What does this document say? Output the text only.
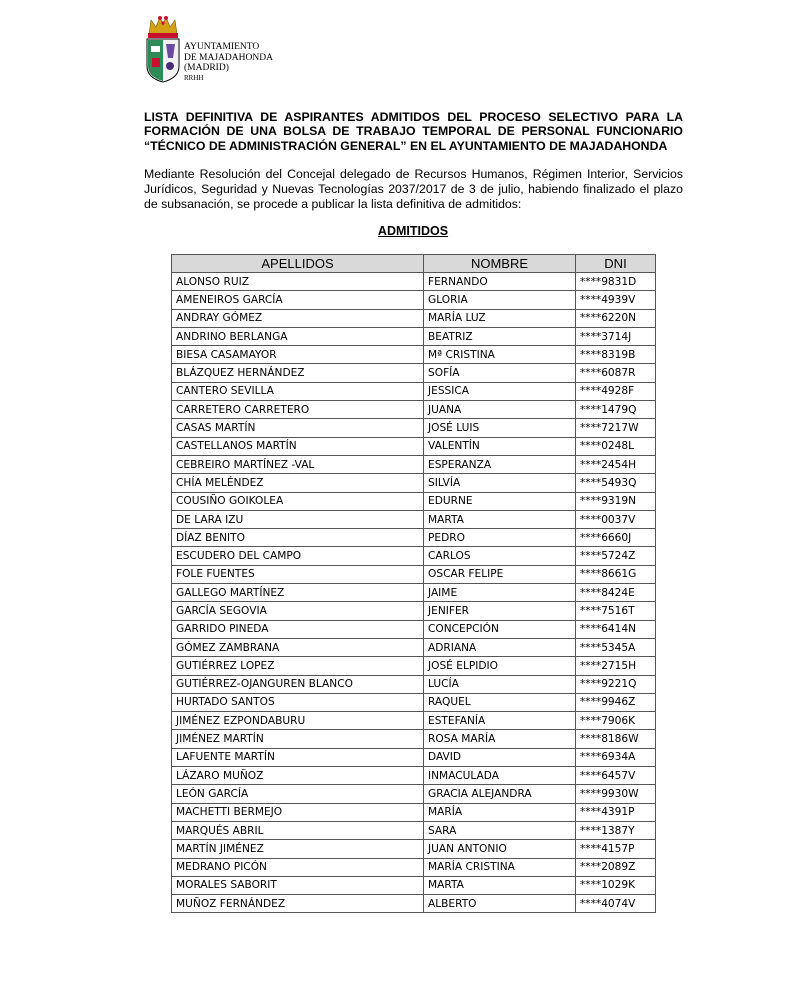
AYUNTAMIENTO
DE MAJADAHONDA
(MADRID)
RRHH
LISTA DEFINITIVA DE ASPIRANTES ADMITIDOS DEL PROCESO SELECTIVO PARA LA FORMACIÓN DE UNA BOLSA DE TRABAJO TEMPORAL DE PERSONAL FUNCIONARIO “TÉCNICO DE ADMINISTRACIÓN GENERAL” EN EL AYUNTAMIENTO DE MAJADAHONDA
Mediante Resolución del Concejal delegado de Recursos Humanos, Régimen Interior, Servicios Jurídicos, Seguridad y Nuevas Tecnologías 2037/2017 de 3 de julio, habiendo finalizado el plazo de subsanación, se procede a publicar la lista definitiva de admitidos:
ADMITIDOS
APELLIDOS	NOMBRE	DNI
ALONSO RUIZ	FERNANDO	****9831D
AMENEIROS GARCÍA	GLORIA	****4939V
ANDRAY GÓMEZ	MARÍA LUZ	****6220N
ANDRINO BERLANGA	BEATRIZ	****3714J
BIESA CASAMAYOR	Mª CRISTINA	****8319B
BLÁZQUEZ HERNÁNDEZ	SOFÍA	****6087R
CANTERO SEVILLA	JESSICA	****4928F
CARRETERO CARRETERO	JUANA	****1479Q
CASAS MARTÍN	JOSÉ LUIS	****7217W
CASTELLANOS MARTÍN	VALENTÍN	****0248L
CEBREIRO MARTÍNEZ -VAL	ESPERANZA	****2454H
CHÍA MELÉNDEZ	SILVÍA	****5493Q
COUSIÑO GOIKOLEA	EDURNE	****9319N
DE LARA IZU	MARTA	****0037V
DÍAZ BENITO	PEDRO	****6660J
ESCUDERO DEL CAMPO	CARLOS	****5724Z
FOLE FUENTES	OSCAR FELIPE	****8661G
GALLEGO MARTÍNEZ	JAIME	****8424E
GARCÍA SEGOVIA	JENIFER	****7516T
GARRIDO PINEDA	CONCEPCIÓN	****6414N
GÓMEZ ZAMBRANA	ADRIANA	****5345A
GUTIÉRREZ LOPEZ	JOSÉ ELPIDIO	****2715H
GUTIÉRREZ-OJANGUREN BLANCO	LUCÍA	****9221Q
HURTADO SANTOS	RAQUEL	****9946Z
JIMÉNEZ EZPONDABURU	ESTEFANÍA	****7906K
JIMÉNEZ MARTÍN	ROSA MARÍA	****8186W
LAFUENTE MARTÍN	DAVID	****6934A
LÁZARO MUÑOZ	INMACULADA	****6457V
LEÓN GARCÍA	GRACIA ALEJANDRA	****9930W
MACHETTI BERMEJO	MARÍA	****4391P
MARQUÉS ABRIL	SARA	****1387Y
MARTÍN JIMÉNEZ	JUAN ANTONIO	****4157P
MEDRANO PICÓN	MARÍA CRISTINA	****2089Z
MORALES SABORIT	MARTA	****1029K
MUÑOZ FERNÁNDEZ	ALBERTO	****4074V
